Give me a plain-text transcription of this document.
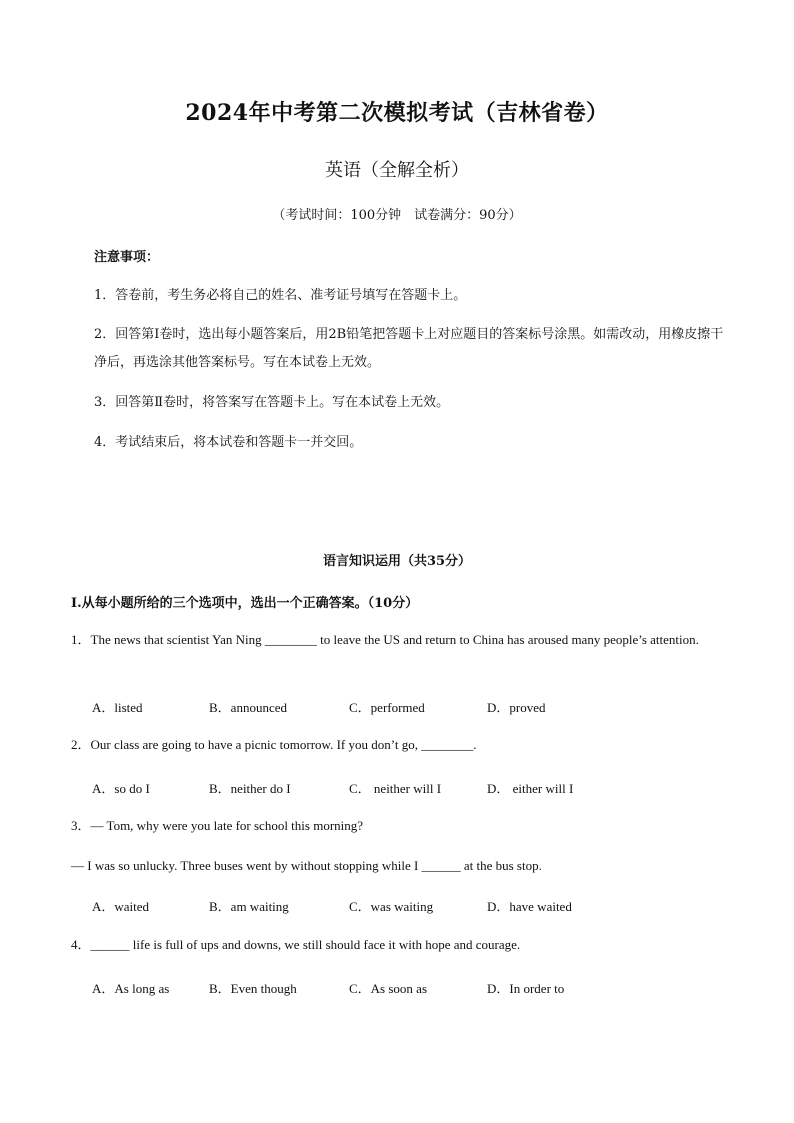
2024年中考第二次模拟考试（吉林省卷）
英语（全解全析）
（考试时间：100分钟　试卷满分：90分）
注意事项：
1．答卷前，考生务必将自己的姓名、准考证号填写在答题卡上。
2．回答第Ⅰ卷时，选出每小题答案后，用2B铅笔把答题卡上对应题目的答案标号涂黑。如需改动，用橡皮擦干净后，再选涂其他答案标号。写在本试卷上无效。
3．回答第Ⅱ卷时，将答案写在答题卡上。写在本试卷上无效。
4．考试结束后，将本试卷和答题卡一并交回。
语言知识运用（共35分）
I.从每小题所给的三个选项中，选出一个正确答案。（10分）
1．The news that scientist Yan Ning ________ to leave the US and return to China has aroused many people’s attention.
A．listed	B．announced	C．performed	D．proved
2．Our class are going to have a picnic tomorrow. If you don’t go, ________.
A．so do I	B．neither do I	C． neither will I	D． either will I
3．— Tom, why were you late for school this morning?
— I was so unlucky. Three buses went by without stopping while I ______ at the bus stop.
A．waited	B．am waiting	C．was waiting	D．have waited
4．______ life is full of ups and downs, we still should face it with hope and courage.
A．As long as	B．Even though	C．As soon as	D．In order to
